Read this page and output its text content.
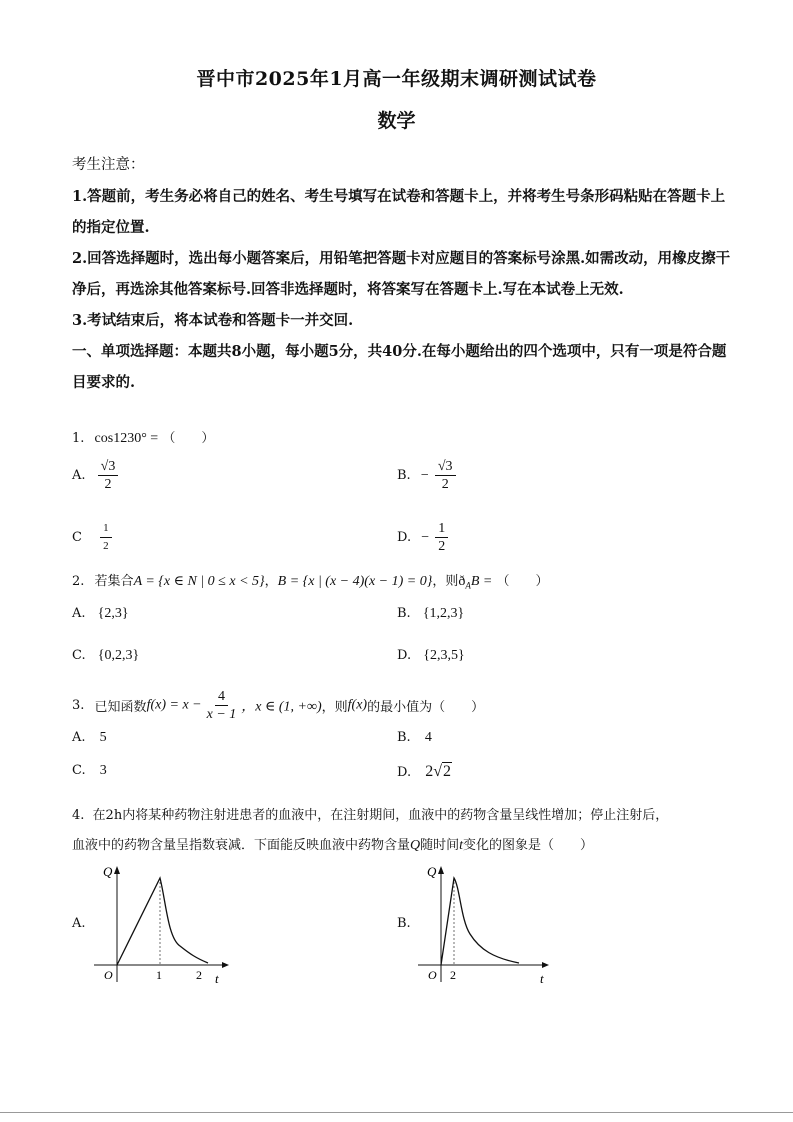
晋中市2025年1月高一年级期末调研测试试卷
数学
考生注意：
1.答题前，考生务必将自己的姓名、考生号填写在试卷和答题卡上，并将考生号条形码粘贴在答题卡上的指定位置.
2.回答选择题时，选出每小题答案后，用铅笔把答题卡对应题目的答案标号涂黑.如需改动，用橡皮擦干净后，再选涂其他答案标号.回答非选择题时，将答案写在答题卡上.写在本试卷上无效.
3.考试结束后，将本试卷和答题卡一并交回.
一、单项选择题：本题共8小题，每小题5分，共40分.在每小题给出的四个选项中，只有一项是符合题目要求的.
1. cos1230° = （　　）
A. $\frac{√3}{2}$	B. − $\frac{√3}{2}$
C $\frac{1}{2}$	D. − $\frac{1}{2}$
2. 若集合A = {x ∈ N | 0 ≤ x < 5}，B = {x | (x − 4)(x − 1) = 0}，则$ð_AB$ = （　　）
A. {2,3}	B. {1,2,3}
C. {0,2,3}	D. {2,3,5}
3. 已知函数$f(x) = x - \frac{4}{x - 1}$ ，x ∈ (1, +∞)，则f(x)的最小值为（　　）
A. 5	B. 4
C. 3	D. 2√2
4. 在2h内将某种药物注射进患者的血液中，在注射期间，血液中的药物含量呈线性增加；停止注射后，
血液中的药物含量呈指数衰减．下面能反映血液中药物含量Q随时间t变化的图象是（　　）
A.
Q
t
O	1	2
B.
Q
t
O 2
